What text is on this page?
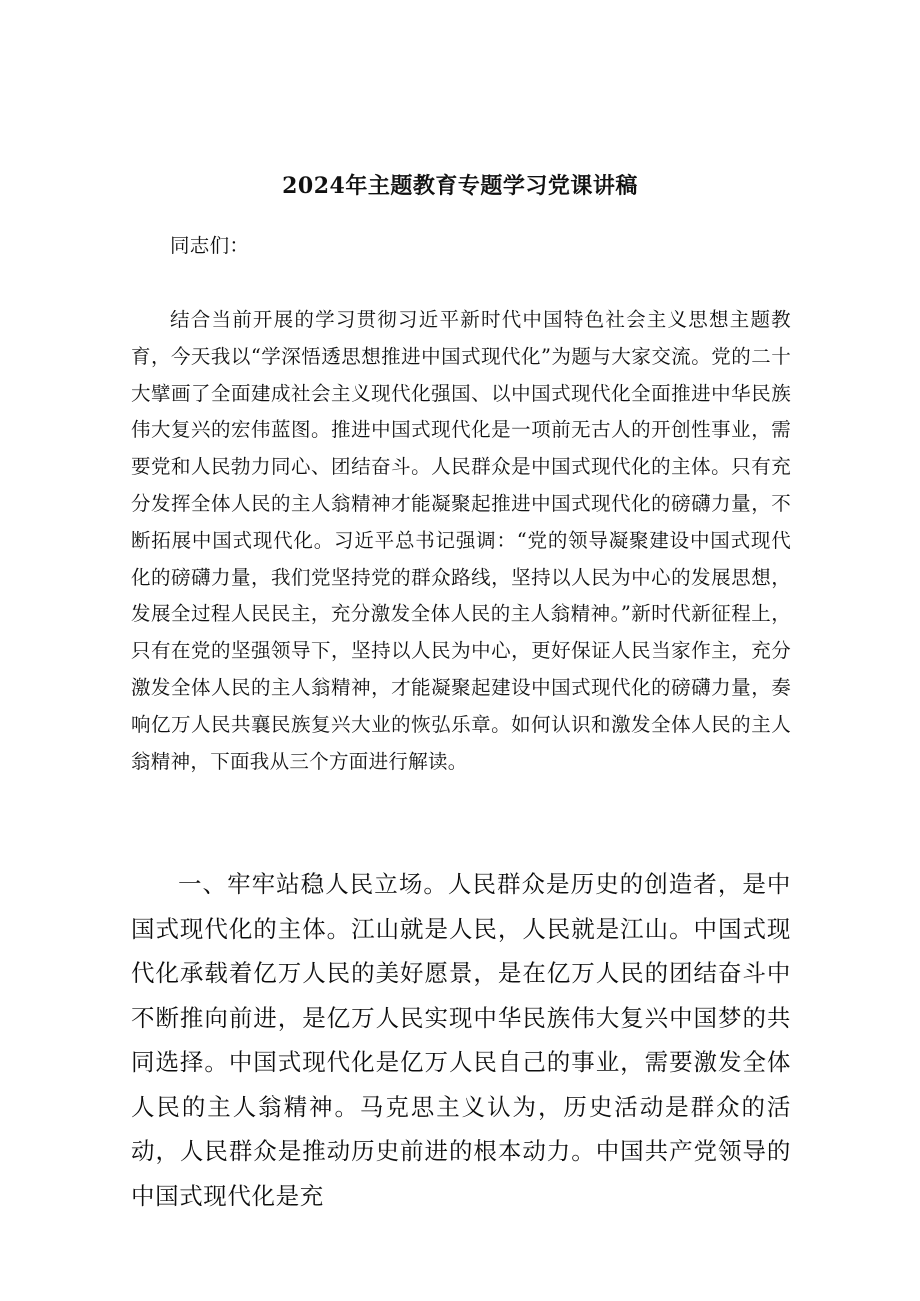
2024年主题教育专题学习党课讲稿
同志们：
结合当前开展的学习贯彻习近平新时代中国特色社会主义思想主题教育，今天我以“学深悟透思想推进中国式现代化”为题与大家交流。党的二十大擘画了全面建成社会主义现代化强国、以中国式现代化全面推进中华民族伟大复兴的宏伟蓝图。推进中国式现代化是一项前无古人的开创性事业，需要党和人民勃力同心、团结奋斗。人民群众是中国式现代化的主体。只有充分发挥全体人民的主人翁精神才能凝聚起推进中国式现代化的磅礴力量，不断拓展中国式现代化。习近平总书记强调：“党的领导凝聚建设中国式现代化的磅礴力量，我们党坚持党的群众路线，坚持以人民为中心的发展思想，发展全过程人民民主，充分激发全体人民的主人翁精神。”新时代新征程上，只有在党的坚强领导下，坚持以人民为中心，更好保证人民当家作主，充分激发全体人民的主人翁精神，才能凝聚起建设中国式现代化的磅礴力量，奏响亿万人民共襄民族复兴大业的恢弘乐章。如何认识和激发全体人民的主人翁精神，下面我从三个方面进行解读。
一、牢牢站稳人民立场。人民群众是历史的创造者，是中国式现代化的主体。江山就是人民，人民就是江山。中国式现代化承载着亿万人民的美好愿景，是在亿万人民的团结奋斗中不断推向前进，是亿万人民实现中华民族伟大复兴中国梦的共同选择。中国式现代化是亿万人民自己的事业，需要激发全体人民的主人翁精神。马克思主义认为，历史活动是群众的活动，人民群众是推动历史前进的根本动力。中国共产党领导的中国式现代化是充
